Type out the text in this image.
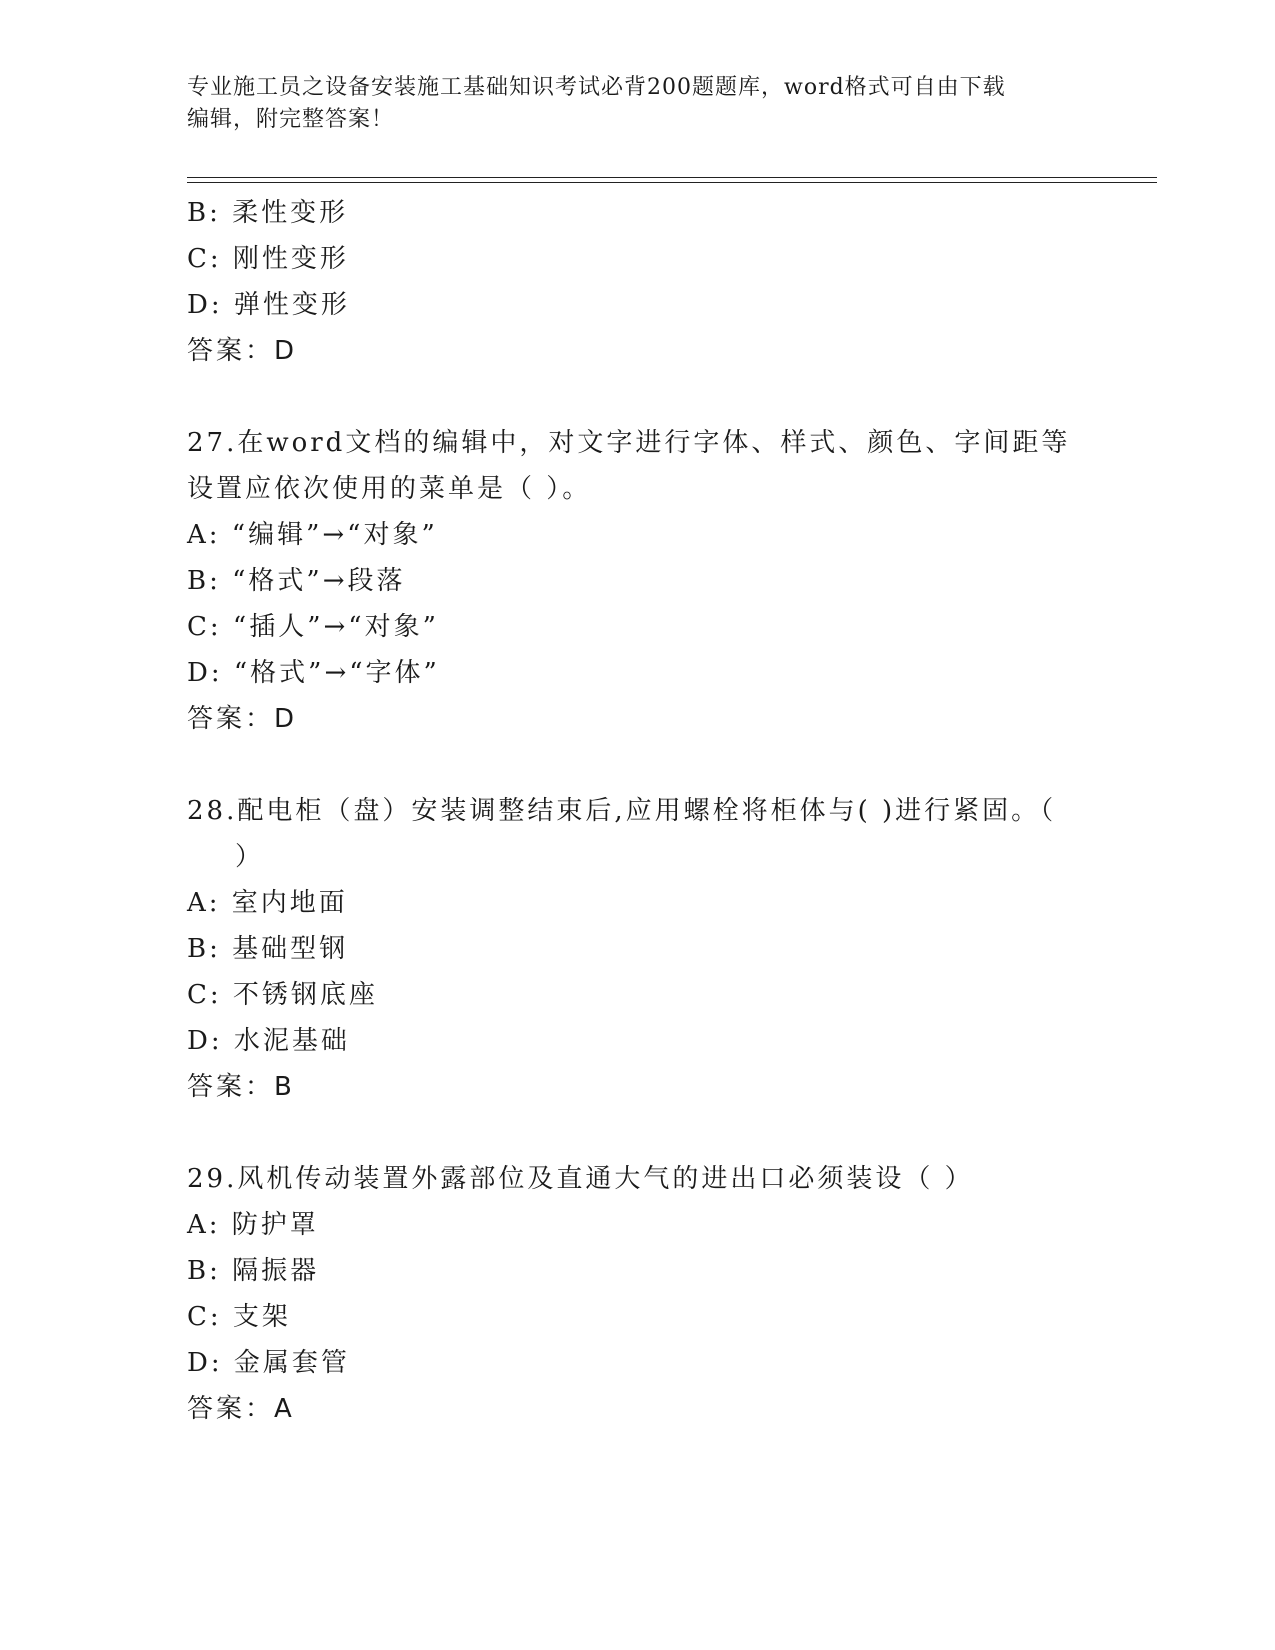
专业施工员之设备安装施工基础知识考试必背200题题库，word格式可自由下载
编辑，附完整答案！
B: 柔性变形
C: 刚性变形
D: 弹性变形
答案：D
27.在word文档的编辑中，对文字进行字体、样式、颜色、字间距等
设置应依次使用的菜单是（ ）。
A: “编辑”→“对象”
B: “格式”→段落
C: “插人”→“对象”
D: “格式”→“字体”
答案：D
28.配电柜（盘）安装调整结束后,应用螺栓将柜体与( )进行紧固。（
）
A: 室内地面
B: 基础型钢
C: 不锈钢底座
D: 水泥基础
答案：B
29.风机传动装置外露部位及直通大气的进出口必须装设（ ）
A: 防护罩
B: 隔振器
C: 支架
D: 金属套管
答案：A
